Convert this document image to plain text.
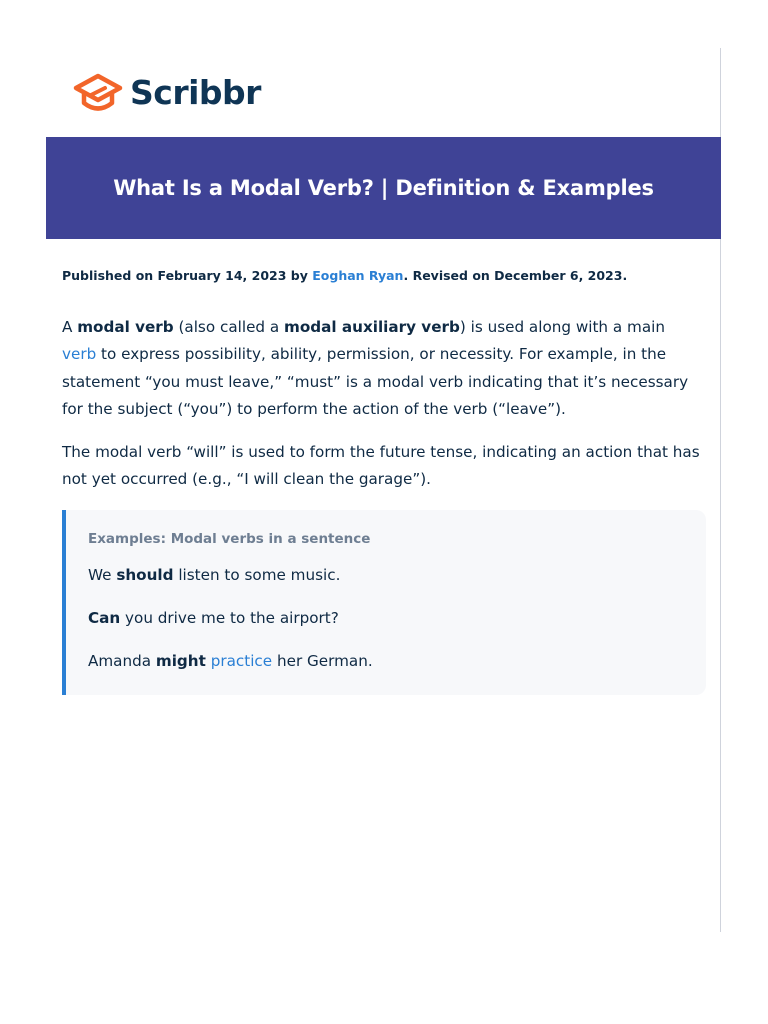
Scribbr
What Is a Modal Verb? | Definition & Examples
Published on February 14, 2023 by Eoghan Ryan. Revised on December 6, 2023.

A modal verb (also called a modal auxiliary verb) is used along with a main verb to express possibility, ability, permission, or necessity. For example, in the statement “you must leave,” “must” is a modal verb indicating that it’s necessary for the subject (“you”) to perform the action of the verb (“leave”).

The modal verb “will” is used to form the future tense, indicating an action that has not yet occurred (e.g., “I will clean the garage”).

Examples: Modal verbs in a sentence
We should listen to some music.
Can you drive me to the airport?
Amanda might practice her German.
